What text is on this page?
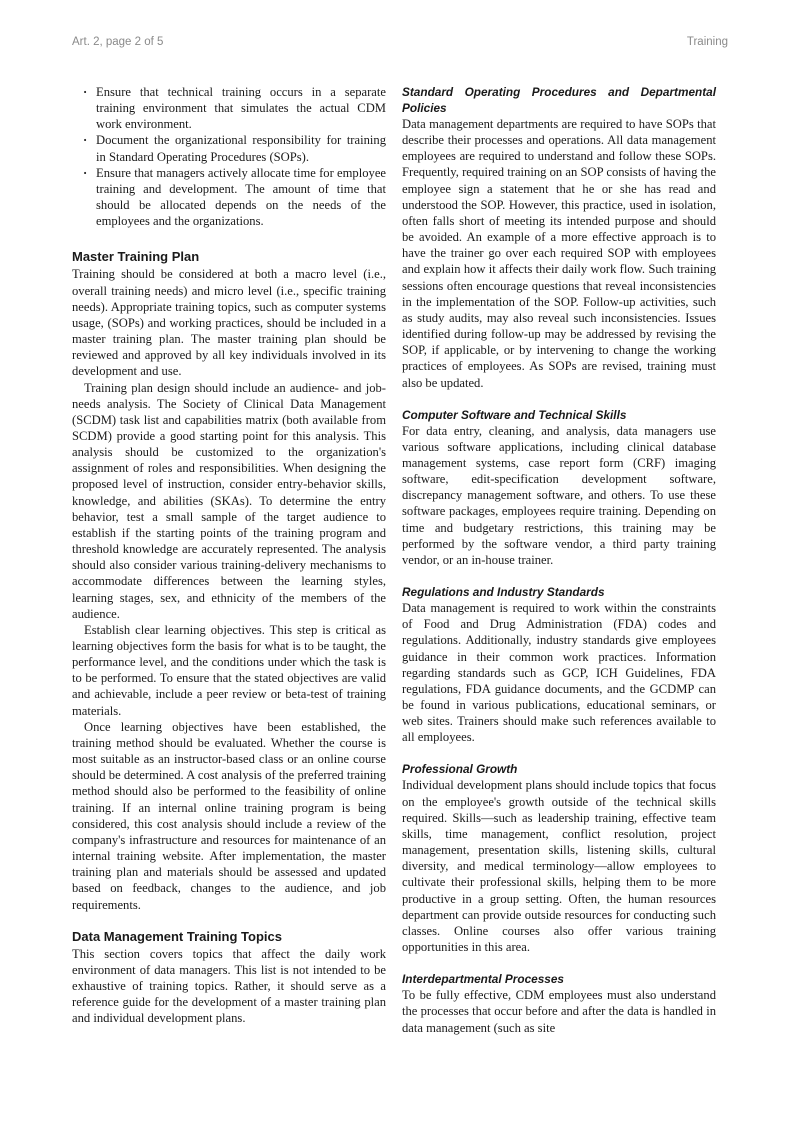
Art. 2, page 2 of 5	Training
· Ensure that technical training occurs in a separate training environment that simulates the actual CDM work environment.
· Document the organizational responsibility for training in Standard Operating Procedures (SOPs).
· Ensure that managers actively allocate time for employee training and development. The amount of time that should be allocated depends on the needs of the employees and the organizations.
Master Training Plan

Training should be considered at both a macro level (i.e., overall training needs) and micro level (i.e., specific training needs). Appropriate training topics, such as computer systems usage, (SOPs) and working practices, should be included in a master training plan. The master training plan should be reviewed and approved by all key individuals involved in its development and use.

Training plan design should include an audience- and job-needs analysis. The Society of Clinical Data Management (SCDM) task list and capabilities matrix (both available from SCDM) provide a good starting point for this analysis. This analysis should be customized to the organization's assignment of roles and responsibilities. When designing the proposed level of instruction, consider entry-behavior skills, knowledge, and abilities (SKAs). To determine the entry behavior, test a small sample of the target audience to establish if the starting points of the training program and threshold knowledge are accurately represented. The analysis should also consider various training-delivery mechanisms to accommodate differences between the learning styles, learning stages, sex, and ethnicity of the members of the audience.

Establish clear learning objectives. This step is critical as learning objectives form the basis for what is to be taught, the performance level, and the conditions under which the task is to be performed. To ensure that the stated objectives are valid and achievable, include a peer review or beta-test of training materials.

Once learning objectives have been established, the training method should be evaluated. Whether the course is most suitable as an instructor-based class or an online course should be determined. A cost analysis of the preferred training method should also be performed to the feasibility of online training. If an internal online training program is being considered, this cost analysis should include a review of the company's infrastructure and resources for maintenance of an internal training website. After implementation, the master training plan and materials should be assessed and updated based on feedback, changes to the audience, and job requirements.

Data Management Training Topics

This section covers topics that affect the daily work environment of data managers. This list is not intended to be exhaustive of training topics. Rather, it should serve as a reference guide for the development of a master training plan and individual development plans.

Standard Operating Procedures and Departmental Policies

Data management departments are required to have SOPs that describe their processes and operations. All data management employees are required to understand and follow these SOPs. Frequently, required training on an SOP consists of having the employee sign a statement that he or she has read and understood the SOP. However, this practice, used in isolation, often falls short of meeting its intended purpose and should be avoided. An example of a more effective approach is to have the trainer go over each required SOP with employees and explain how it affects their daily work flow. Such training sessions often encourage questions that reveal inconsistencies in the implementation of the SOP. Follow-up activities, such as study audits, may also reveal such inconsistencies. Issues identified during follow-up may be addressed by revising the SOP, if applicable, or by intervening to change the working practices of employees. As SOPs are revised, training must also be updated.

Computer Software and Technical Skills

For data entry, cleaning, and analysis, data managers use various software applications, including clinical database management systems, case report form (CRF) imaging software, edit-specification development software, discrepancy management software, and others. To use these software packages, employees require training. Depending on time and budgetary restrictions, this training may be performed by the software vendor, a third party training vendor, or an in-house trainer.

Regulations and Industry Standards

Data management is required to work within the constraints of Food and Drug Administration (FDA) codes and regulations. Additionally, industry standards give employees guidance in their common work practices. Information regarding standards such as GCP, ICH Guidelines, FDA regulations, FDA guidance documents, and the GCDMP can be found in various publications, educational seminars, or web sites. Trainers should make such references available to all employees.

Professional Growth

Individual development plans should include topics that focus on the employee's growth outside of the technical skills required. Skills—such as leadership training, effective team skills, time management, conflict resolution, project management, presentation skills, listening skills, cultural diversity, and medical terminology—allow employees to cultivate their professional skills, helping them to be more productive in a group setting. Often, the human resources department can provide outside resources for conducting such classes. Online courses also offer various training opportunities in this area.

Interdepartmental Processes

To be fully effective, CDM employees must also understand the processes that occur before and after the data is handled in data management (such as site
